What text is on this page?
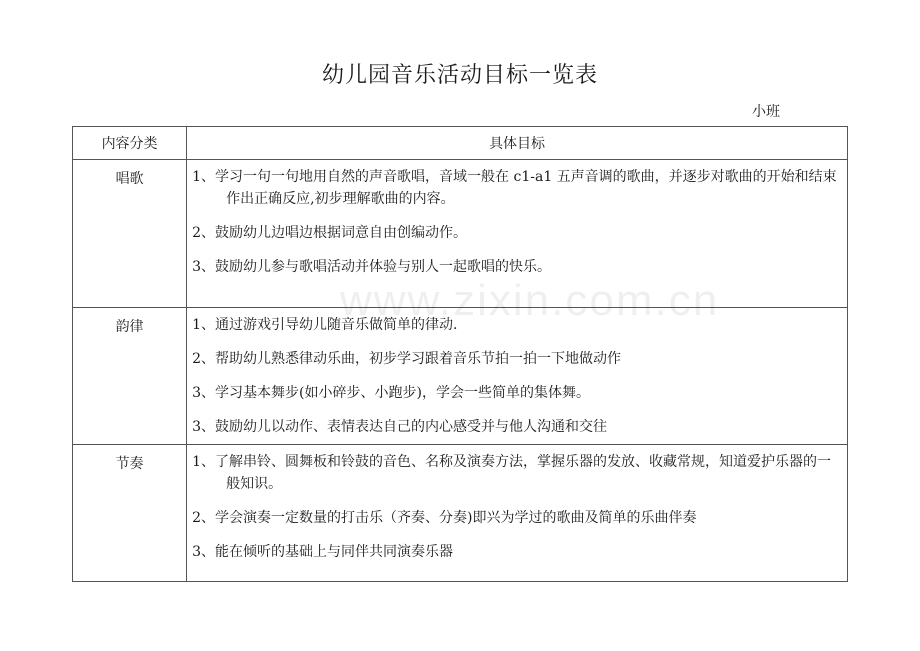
幼儿园音乐活动目标一览表
小班
内容分类	具体目标
唱歌	1、学习一句一句地用自然的声音歌唱，音域一般在 c1-a1 五声音调的歌曲，并逐步对歌曲的开始和结束作出正确反应,初步理解歌曲的内容。
2、鼓励幼儿边唱边根据词意自由创编动作。
3、鼓励幼儿参与歌唱活动并体验与别人一起歌唱的快乐。

韵律	1、通过游戏引导幼儿随音乐做简单的律动.
2、帮助幼儿熟悉律动乐曲，初步学习跟着音乐节拍一拍一下地做动作
3、学习基本舞步(如小碎步、小跑步)，学会一些简单的集体舞。
3、鼓励幼儿以动作、表情表达自己的内心感受并与他人沟通和交往

节奏	1、了解串铃、圆舞板和铃鼓的音色、名称及演奏方法，掌握乐器的发放、收藏常规，知道爱护乐器的一般知识。
2、学会演奏一定数量的打击乐（齐奏、分奏)即兴为学过的歌曲及简单的乐曲伴奏
3、能在倾听的基础上与同伴共同演奏乐器
www.zixin.com.cn
